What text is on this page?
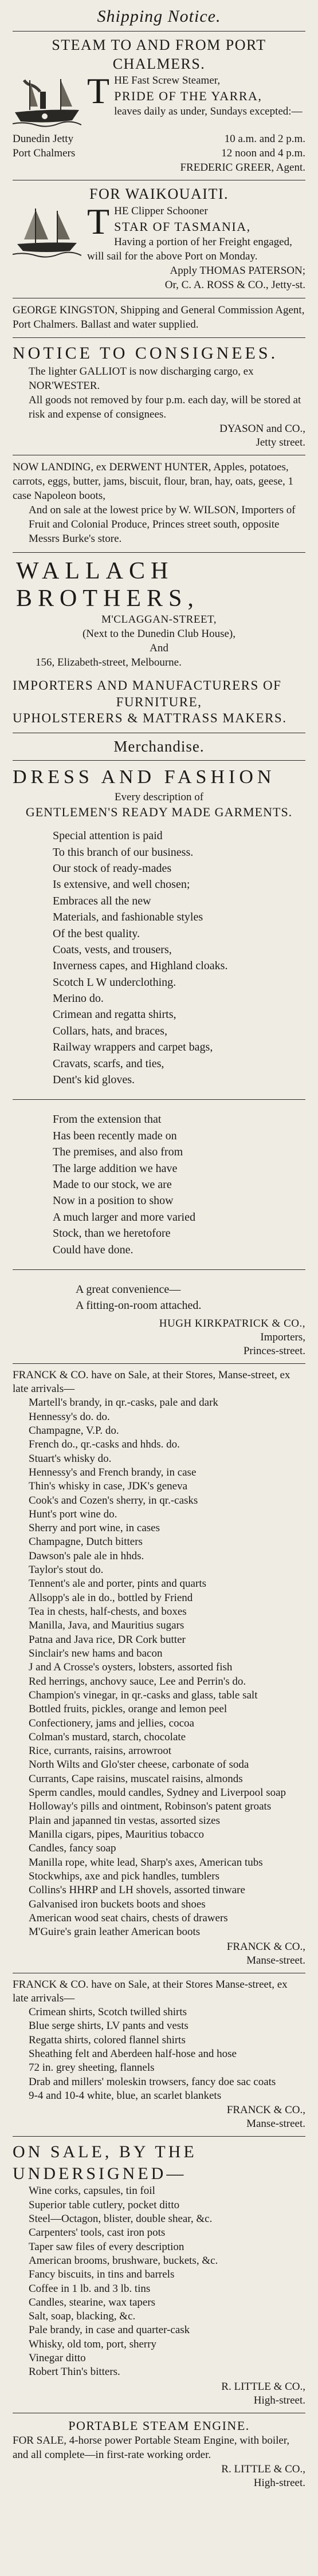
Shipping Notice.
STEAM TO AND FROM PORT CHALMERS.
T HE Fast Screw Steamer,
PRIDE OF THE YARRA,
leaves daily as under, Sundays excepted:—
Dunedin Jetty	10 a.m. and 2 p.m.
Port Chalmers	12 noon and 4 p.m.
FREDERIC GREER, Agent.
FOR WAIKOUAITI.
T HE Clipper Schooner
STAR OF TASMANIA,
Having a portion of her Freight engaged, will sail for the above Port on Monday.
Apply THOMAS PATERSON;
Or, C. A. ROSS & CO., Jetty-st.
GEORGE KINGSTON, Shipping and General Commission Agent, Port Chalmers. Ballast and water supplied.
NOTICE TO CONSIGNEES.
The lighter GALLIOT is now discharging cargo, ex NOR'WESTER.
All goods not removed by four p.m. each day, will be stored at risk and expense of consignees.
DYASON and CO.,
Jetty street.
NOW LANDING, ex DERWENT HUNTER, Apples, potatoes, carrots, eggs, butter, jams, biscuit, flour, bran, hay, oats, geese, 1 case Napoleon boots,
And on sale at the lowest price by W. WILSON, Importers of Fruit and Colonial Produce, Princes street south, opposite Messrs Burke's store.
WALLACH BROTHERS,
M'CLAGGAN-STREET,
(Next to the Dunedin Club House),
And
156, Elizabeth-street, Melbourne.
IMPORTERS AND MANUFACTURERS OF
FURNITURE,
UPHOLSTERERS & MATTRASS MAKERS.
Merchandise.
DRESS AND FASHION
Every description of
GENTLEMEN'S READY MADE GARMENTS.
Special attention is paid
To this branch of our business.
Our stock of ready-mades
Is extensive, and well chosen;
Embraces all the new
Materials, and fashionable styles
Of the best quality.
Coats, vests, and trousers,
Inverness capes, and Highland cloaks.
Scotch L W underclothing.
Merino do.
Crimean and regatta shirts,
Collars, hats, and braces,
Railway wrappers and carpet bags,
Cravats, scarfs, and ties,
Dent's kid gloves.
From the extension that
Has been recently made on
The premises, and also from
The large addition we have
Made to our stock, we are
Now in a position to show
A much larger and more varied
Stock, than we heretofore
Could have done.
A great convenience—
A fitting-on-room attached.
HUGH KIRKPATRICK & CO.,
Importers,
Princes-street.
FRANCK & CO. have on Sale, at their Stores, Manse-street, ex late arrivals—
Martell's brandy, in qr.-casks, pale and dark
Hennessy's do. do.
Champagne, V.P. do.
French do., qr.-casks and hhds. do.
Stuart's whisky do.
Hennessy's and French brandy, in case
Thin's whisky in case, JDK's geneva
Cook's and Cozen's sherry, in qr.-casks
Hunt's port wine do.
Sherry and port wine, in cases
Champagne, Dutch bitters
Dawson's pale ale in hhds.
Taylor's stout do.
Tennent's ale and porter, pints and quarts
Allsopp's ale in do., bottled by Friend
Tea in chests, half-chests, and boxes
Manilla, Java, and Mauritius sugars
Patna and Java rice, DR Cork butter
Sinclair's new hams and bacon
J and A Crosse's oysters, lobsters, assorted fish
Red herrings, anchovy sauce, Lee and Perrin's do.
Champion's vinegar, in qr.-casks and glass, table salt
Bottled fruits, pickles, orange and lemon peel
Confectionery, jams and jellies, cocoa
Colman's mustard, starch, chocolate
Rice, currants, raisins, arrowroot
North Wilts and Glo'ster cheese, carbonate of soda
Currants, Cape raisins, muscatel raisins, almonds
Sperm candles, mould candles, Sydney and Liverpool soap
Holloway's pills and ointment, Robinson's patent groats
Plain and japanned tin vestas, assorted sizes
Manilla cigars, pipes, Mauritius tobacco
Candles, fancy soap
Manilla rope, white lead, Sharp's axes, American tubs
Stockwhips, axe and pick handles, tumblers
Collins's HHRP and LH shovels, assorted tinware
Galvanised iron buckets boots and shoes
American wood seat chairs, chests of drawers
M'Guire's grain leather American boots
FRANCK & CO.,
Manse-street.
FRANCK & CO. have on Sale, at their Stores Manse-street, ex late arrivals—
Crimean shirts, Scotch twilled shirts
Blue serge shirts, LV pants and vests
Regatta shirts, colored flannel shirts
Sheathing felt and Aberdeen half-hose and hose
72 in. grey sheeting, flannels
Drab and millers' moleskin trowsers, fancy doe sac coats
9-4 and 10-4 white, blue, an scarlet blankets
FRANCK & CO.,
Manse-street.
ON SALE, BY THE UNDERSIGNED—
Wine corks, capsules, tin foil
Superior table cutlery, pocket ditto
Steel—Octagon, blister, double shear, &c.
Carpenters' tools, cast iron pots
Taper saw files of every description
American brooms, brushware, buckets, &c.
Fancy biscuits, in tins and barrels
Coffee in 1 lb. and 3 lb. tins
Candles, stearine, wax tapers
Salt, soap, blacking, &c.
Pale brandy, in case and quarter-cask
Whisky, old tom, port, sherry
Vinegar ditto
Robert Thin's bitters.
R. LITTLE & CO.,
High-street.
PORTABLE STEAM ENGINE.
FOR SALE, 4-horse power Portable Steam Engine, with boiler, and all complete—in first-rate working order.
R. LITTLE & CO.,
High-street.
